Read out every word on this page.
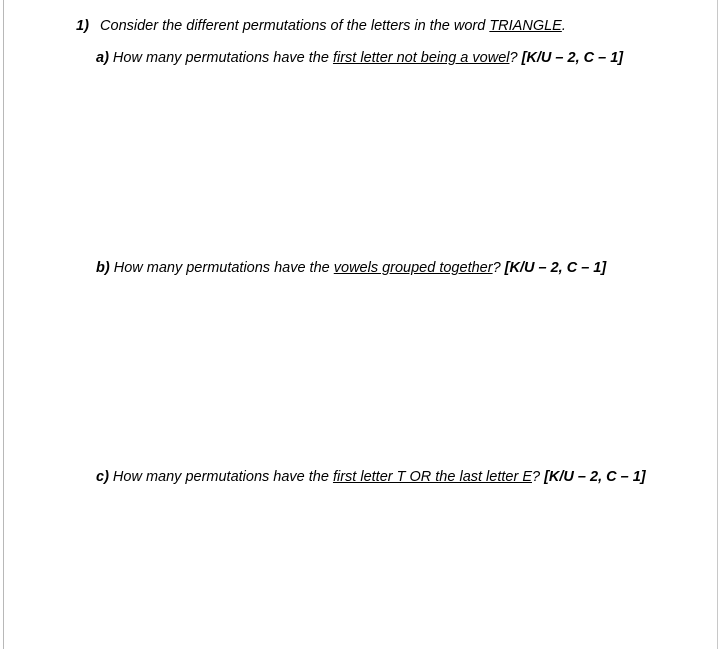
1) Consider the different permutations of the letters in the word TRIANGLE.
a) How many permutations have the first letter not being a vowel? [K/U – 2, C – 1]
b) How many permutations have the vowels grouped together? [K/U – 2, C – 1]
c) How many permutations have the first letter T OR the last letter E? [K/U – 2, C – 1]
